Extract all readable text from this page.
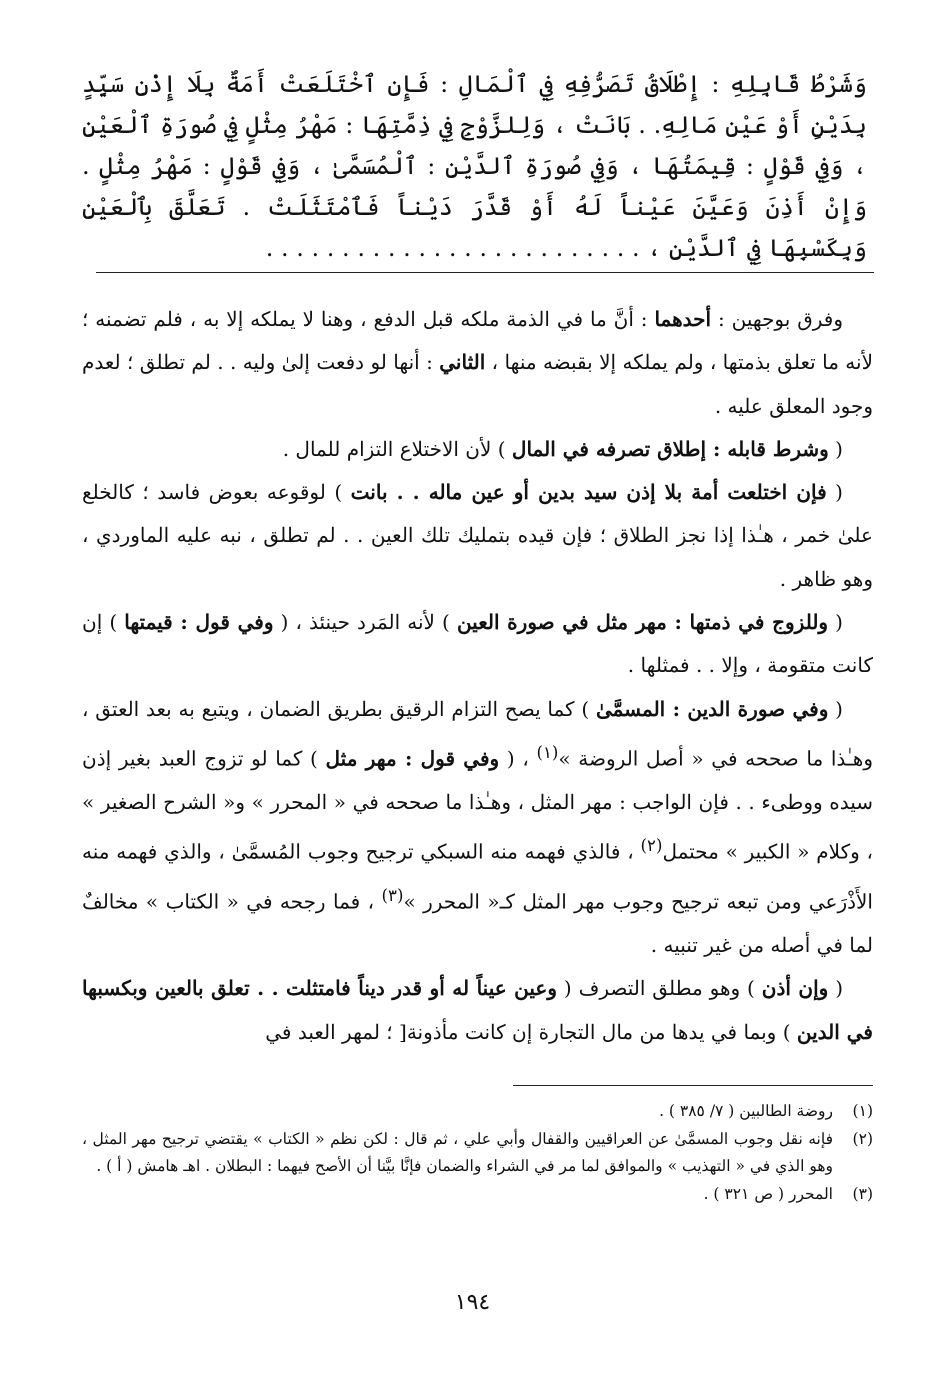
وَشَرْطُ قَابِلِهِ : إِطْلَاقُ تَصَرُّفِهِ فِي ٱلْمَالِ : فَإِنِ ٱخْتَلَعَتْ أَمَةٌ بِلَا إِذْنِ سَيِّدٍ بِدَيْنٍ أَوْ عَيْنِ مَالِهِ. . بَانَتْ ، وَلِلزَّوْجِ فِي ذِمَّتِهَا : مَهْرُ مِثْلٍ فِي صُورَةِ ٱلْعَيْنِ ، وَفِي قَوْلٍ : قِيمَتُهَا ، وَفِي صُورَةِ ٱلدَّيْنِ : ٱلْمُسَمَّىٰ ، وَفِي قَوْلٍ : مَهْرُ مِثْلٍ . وَإِنْ أَذِنَ وَعَيَّنَ عَيْناً لَهُ أَوْ قَدَّرَ دَيْناً فَٱمْتَثَلَتْ . تَعَلَّقَ بِٱلْعَيْنِ وَبِكَسْبِهَا فِي ٱلدَّيْنِ ، . . . . . . . . . . . . . . . . . . . . . . . . .

وفرق بوجهين : أحدهما : أنَّ ما في الذمة ملكه قبل الدفع ، وهنا لا يملكه إلا به ، فلم تضمنه ؛ لأنه ما تعلق بذمتها ، ولم يملكه إلا بقبضه منها ، الثاني : أنها لو دفعت إلىٰ وليه . . لم تطلق ؛ لعدم وجود المعلق عليه .

( وشرط قابله : إطلاق تصرفه في المال ) لأن الاختلاع التزام للمال .

( فإن اختلعت أمة بلا إذن سيد بدين أو عين ماله . . بانت ) لوقوعه بعوض فاسد ؛ كالخلع علىٰ خمر ، هـٰذا إذا نجز الطلاق ؛ فإن قيده بتمليك تلك العين . . لم تطلق ، نبه عليه الماوردي ، وهو ظاهر .

( وللزوج في ذمتها : مهر مثل في صورة العين ) لأنه المَرد حينئذ ، ( وفي قول : قيمتها ) إن كانت متقومة ، وإلا . . فمثلها .

( وفي صورة الدين : المسمَّىٰ ) كما يصح التزام الرقيق بطريق الضمان ، ويتبع به بعد العتق ، وهـٰذا ما صححه في « أصل الروضة »$^{(١)}$ ، ( وفي قول : مهر مثل ) كما لو تزوج العبد بغير إذن سيده ووطىء . . فإن الواجب : مهر المثل ، وهـٰذا ما صححه في « المحرر » و« الشرح الصغير » ، وكلام « الكبير » محتمل$^{(٢)}$ ، فالذي فهمه منه السبكي ترجيح وجوب المُسمَّىٰ ، والذي فهمه منه الأَذْرَعي ومن تبعه ترجيح وجوب مهر المثل كـ« المحرر »$^{(٣)}$ ، فما رجحه في « الكتاب » مخالفٌ لما في أصله من غير تنبيه .

( وإن أذن ) وهو مطلق التصرف ( وعين عيناً له أو قدر ديناً فامتثلت . . تعلق بالعين وبكسبها في الدين ) وبما في يدها من مال التجارة إن كانت مأذونة[ ؛ لمهر العبد في

(١)
روضة الطالبين ( ٧/ ٣٨٥ ) .
(٢)
فإنه نقل وجوب المسمَّىٰ عن العراقيين والقفال وأبي علي ، ثم قال : لكن نظم « الكتاب » يقتضي ترجيح مهر المثل ، وهو الذي في « التهذيب » والموافق لما مر في الشراء والضمان فإنَّا بيَّنا أن الأصح فيهما : البطلان . اهـ هامش ( أ ) .
(٣)
المحرر ( ص ٣٢١ ) .
١٩٤
